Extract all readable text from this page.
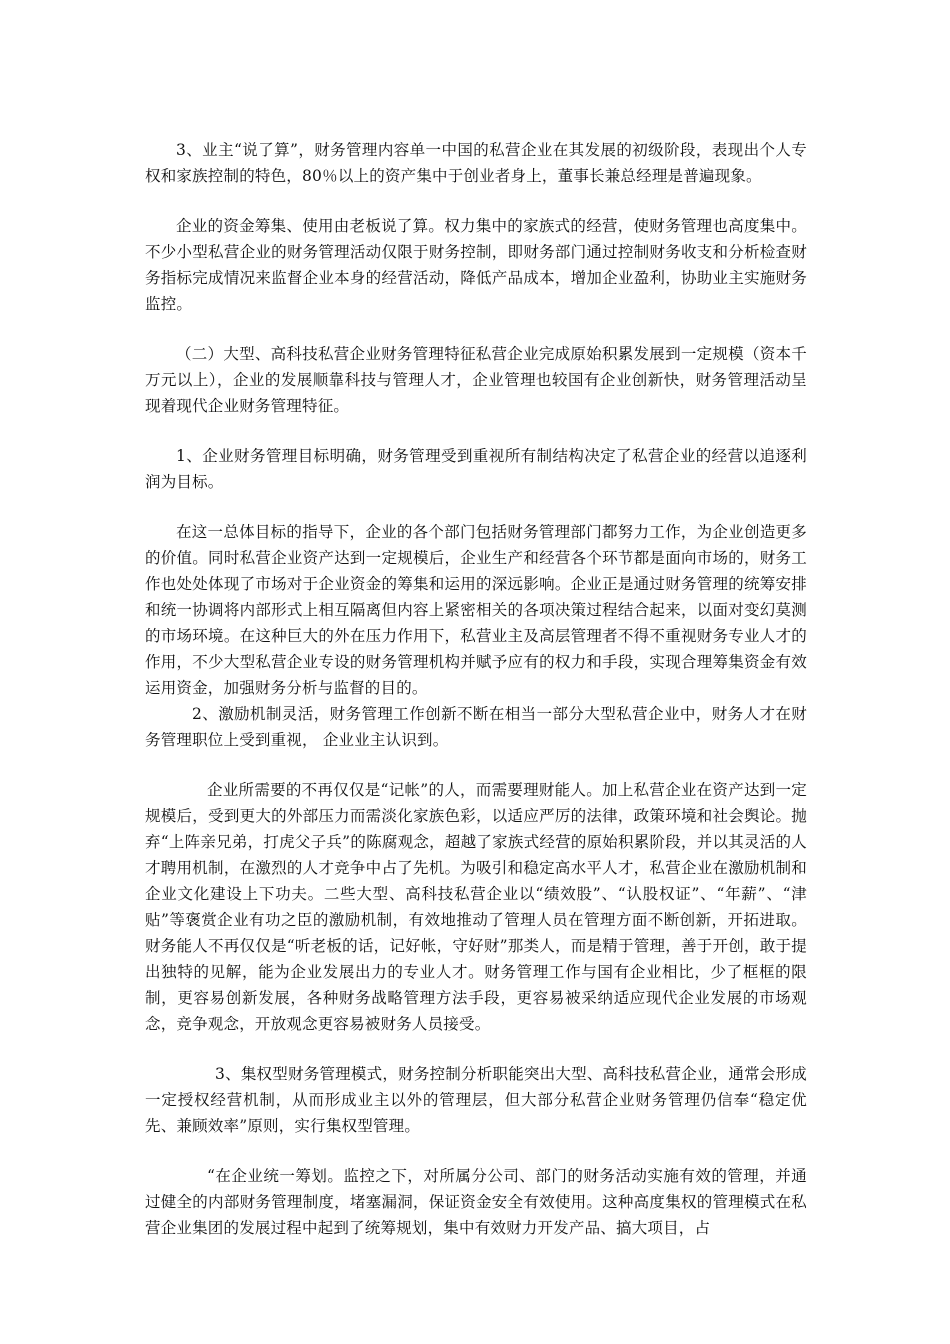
3、业主“说了算”，财务管理内容单一中国的私营企业在其发展的初级阶段，表现出个人专权和家族控制的特色，80％以上的资产集中于创业者身上，董事长兼总经理是普遍现象。

企业的资金筹集、使用由老板说了算。权力集中的家族式的经营，使财务管理也高度集中。不少小型私营企业的财务管理活动仅限于财务控制，即财务部门通过控制财务收支和分析检查财务指标完成情况来监督企业本身的经营活动，降低产品成本，增加企业盈利，协助业主实施财务监控。

（二）大型、高科技私营企业财务管理特征私营企业完成原始积累发展到一定规模（资本千万元以上），企业的发展顺靠科技与管理人才，企业管理也较国有企业创新快，财务管理活动呈现着现代企业财务管理特征。

1、企业财务管理目标明确，财务管理受到重视所有制结构决定了私营企业的经营以追逐利润为目标。

在这一总体目标的指导下，企业的各个部门包括财务管理部门都努力工作，为企业创造更多的价值。同时私营企业资产达到一定规模后，企业生产和经营各个环节都是面向市场的，财务工作也处处体现了市场对于企业资金的筹集和运用的深远影响。企业正是通过财务管理的统筹安排和统一协调将内部形式上相互隔离但内容上紧密相关的各项决策过程结合起来，以面对变幻莫测的市场环境。在这种巨大的外在压力作用下，私营业主及高层管理者不得不重视财务专业人才的作用，不少大型私营企业专设的财务管理机构并赋予应有的权力和手段，实现合理筹集资金有效运用资金，加强财务分析与监督的目的。

2、激励机制灵活，财务管理工作创新不断在相当一部分大型私营企业中，财务人才在财务管理职位上受到重视， 企业业主认识到。

企业所需要的不再仅仅是“记帐”的人，而需要理财能人。加上私营企业在资产达到一定规模后，受到更大的外部压力而需淡化家族色彩，以适应严厉的法律，政策环境和社会舆论。抛弃“上阵亲兄弟，打虎父子兵”的陈腐观念，超越了家族式经营的原始积累阶段，并以其灵活的人才聘用机制，在激烈的人才竞争中占了先机。为吸引和稳定高水平人才，私营企业在激励机制和企业文化建设上下功夫。二些大型、高科技私营企业以“绩效股”、“认股权证”、“年薪”、“津贴”等褒赏企业有功之臣的激励机制，有效地推动了管理人员在管理方面不断创新，开拓进取。财务能人不再仅仅是“听老板的话，记好帐，守好财”那类人，而是精于管理，善于开创，敢于提出独特的见解，能为企业发展出力的专业人才。财务管理工作与国有企业相比，少了框框的限制，更容易创新发展，各种财务战略管理方法手段，更容易被采纳适应现代企业发展的市场观念，竞争观念，开放观念更容易被财务人员接受。

3、集权型财务管理模式，财务控制分析职能突出大型、高科技私营企业，通常会形成一定授权经营机制，从而形成业主以外的管理层，但大部分私营企业财务管理仍信奉“稳定优先、兼顾效率”原则，实行集权型管理。

“在企业统一筹划。监控之下，对所属分公司、部门的财务活动实施有效的管理，并通过健全的内部财务管理制度，堵塞漏洞，保证资金安全有效使用。这种高度集权的管理模式在私营企业集团的发展过程中起到了统筹规划，集中有效财力开发产品、搞大项目，占
